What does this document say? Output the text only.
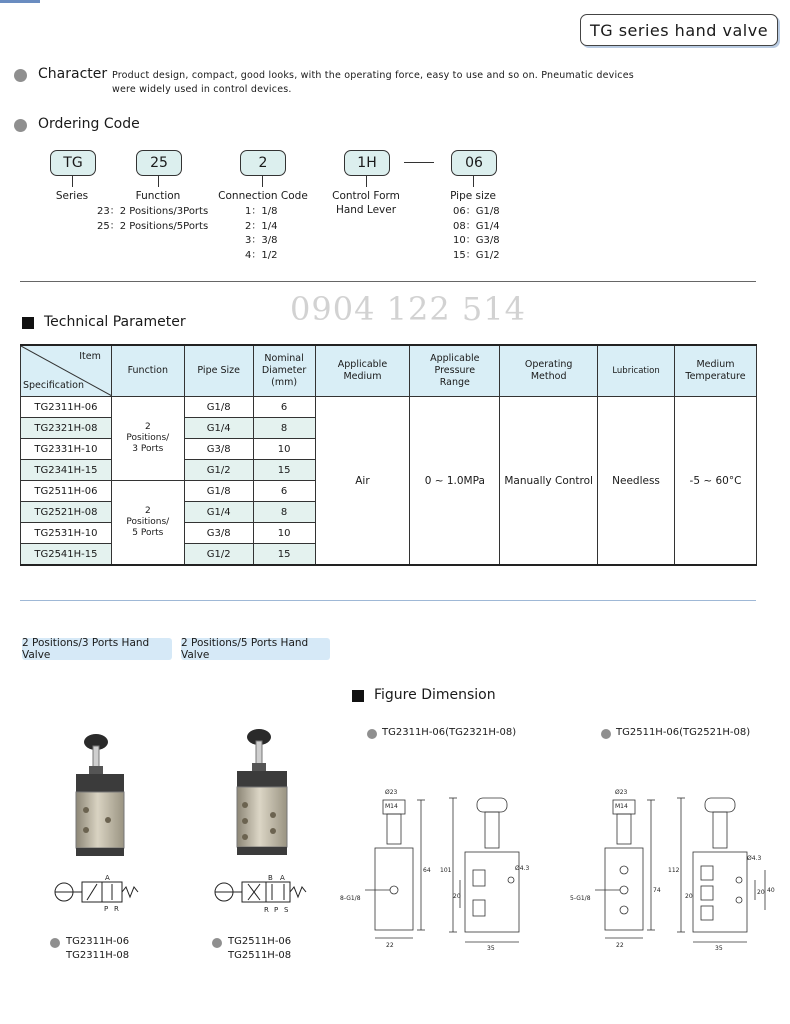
TG series hand valve
Character Product design, compact, good looks, with the operating force, easy to use and so on. Pneumatic devices
were widely used in control devices.
Ordering Code
TG
Series
25
Function
23：2 Positions/3Ports
25：2 Positions/5Ports
2
Connection Code
1：1/8
2：1/4
3：3/8
4：1/2
1H
Control Form
Hand Lever
06
Pipe size
06：G1/8
08：G1/4
10：G3/8
15：G1/2
0904 122 514
Technical Parameter
Item
Specification	Function	Pipe Size	Nominal
Diameter
(mm)	Applicable
Medium	Applicable
Pressure
Range	Operating
Method	Lubrication	Medium
Temperature
TG2311H-06	2
Positions/
3 Ports	G1/8	6	Air	0 ~ 1.0MPa	Manually Control	Needless	-5 ~ 60°C
TG2321H-08		G1/4	8					
TG2331H-10		G3/8	10					
TG2341H-15		G1/2	15					
TG2511H-06	2
Positions/
5 Ports	G1/8	6					
TG2521H-08		G1/4	8					
TG2531H-10		G3/8	10					
TG2541H-15		G1/2	15					
2 Positions/3 Ports Hand Valve
2 Positions/5 Ports Hand Valve
Figure Dimension
TG2311H-06(TG2321H-08)	TG2511H-06(TG2521H-08)
A
P R
B A
R P S
TG2311H-06
TG2311H-08
TG2511H-06
TG2511H-08
Ø23
M14
8-G1/8
64
22
101
20
Ø4.3
35
Ø23
M14
5-G1/8
74
22
112
20
20 40
Ø4.3
35
